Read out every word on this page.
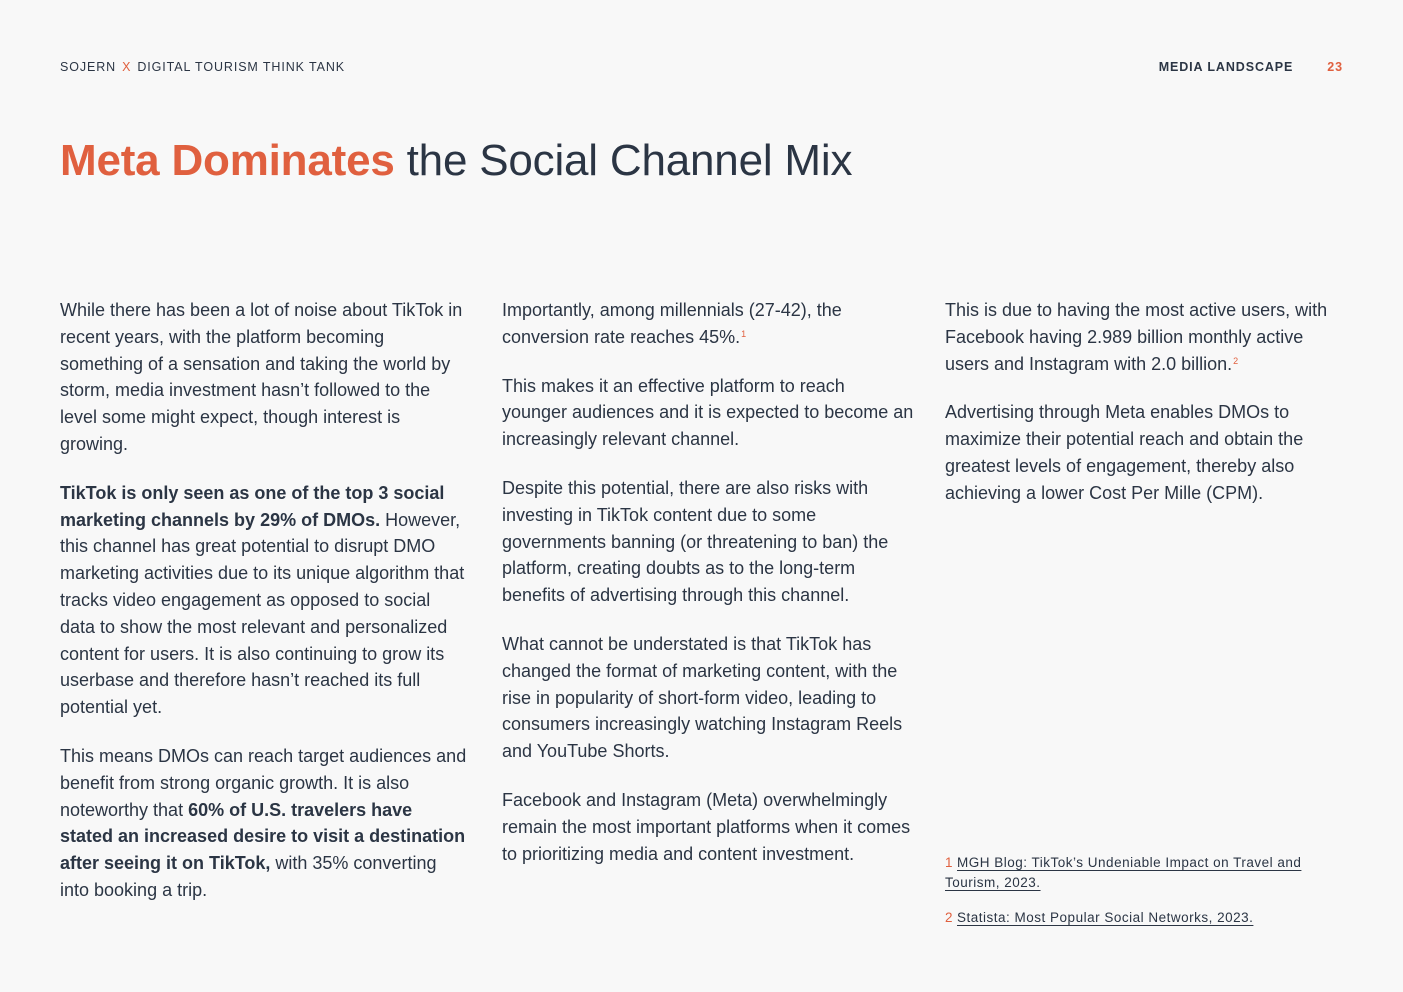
SOJERN X DIGITAL TOURISM THINK TANK	MEDIA LANDSCAPE	23
Meta Dominates the Social Channel Mix

While there has been a lot of noise about TikTok in recent years, with the platform becoming something of a sensation and taking the world by storm, media investment hasn’t followed to the level some might expect, though interest is growing.

TikTok is only seen as one of the top 3 social marketing channels by 29% of DMOs. However, this channel has great potential to disrupt DMO marketing activities due to its unique algorithm that tracks video engagement as opposed to social data to show the most relevant and personalized content for users. It is also continuing to grow its userbase and therefore hasn’t reached its full potential yet.

This means DMOs can reach target audiences and benefit from strong organic growth. It is also noteworthy that 60% of U.S. travelers have stated an increased desire to visit a destination after seeing it on TikTok, with 35% converting into booking a trip.

Importantly, among millennials (27-42), the conversion rate reaches 45%.$^1$

This makes it an effective platform to reach younger audiences and it is expected to become an increasingly relevant channel.

Despite this potential, there are also risks with investing in TikTok content due to some governments banning (or threatening to ban) the platform, creating doubts as to the long-term benefits of advertising through this channel.

What cannot be understated is that TikTok has changed the format of marketing content, with the rise in popularity of short-form video, leading to consumers increasingly watching Instagram Reels and YouTube Shorts.

Facebook and Instagram (Meta) overwhelmingly remain the most important platforms when it comes to prioritizing media and content investment.

This is due to having the most active users, with Facebook having 2.989 billion monthly active users and Instagram with 2.0 billion.$^2$

Advertising through Meta enables DMOs to maximize their potential reach and obtain the greatest levels of engagement, thereby also achieving a lower Cost Per Mille (CPM).

1 MGH Blog: TikTok’s Undeniable Impact on Travel and Tourism, 2023.
2 Statista: Most Popular Social Networks, 2023.
